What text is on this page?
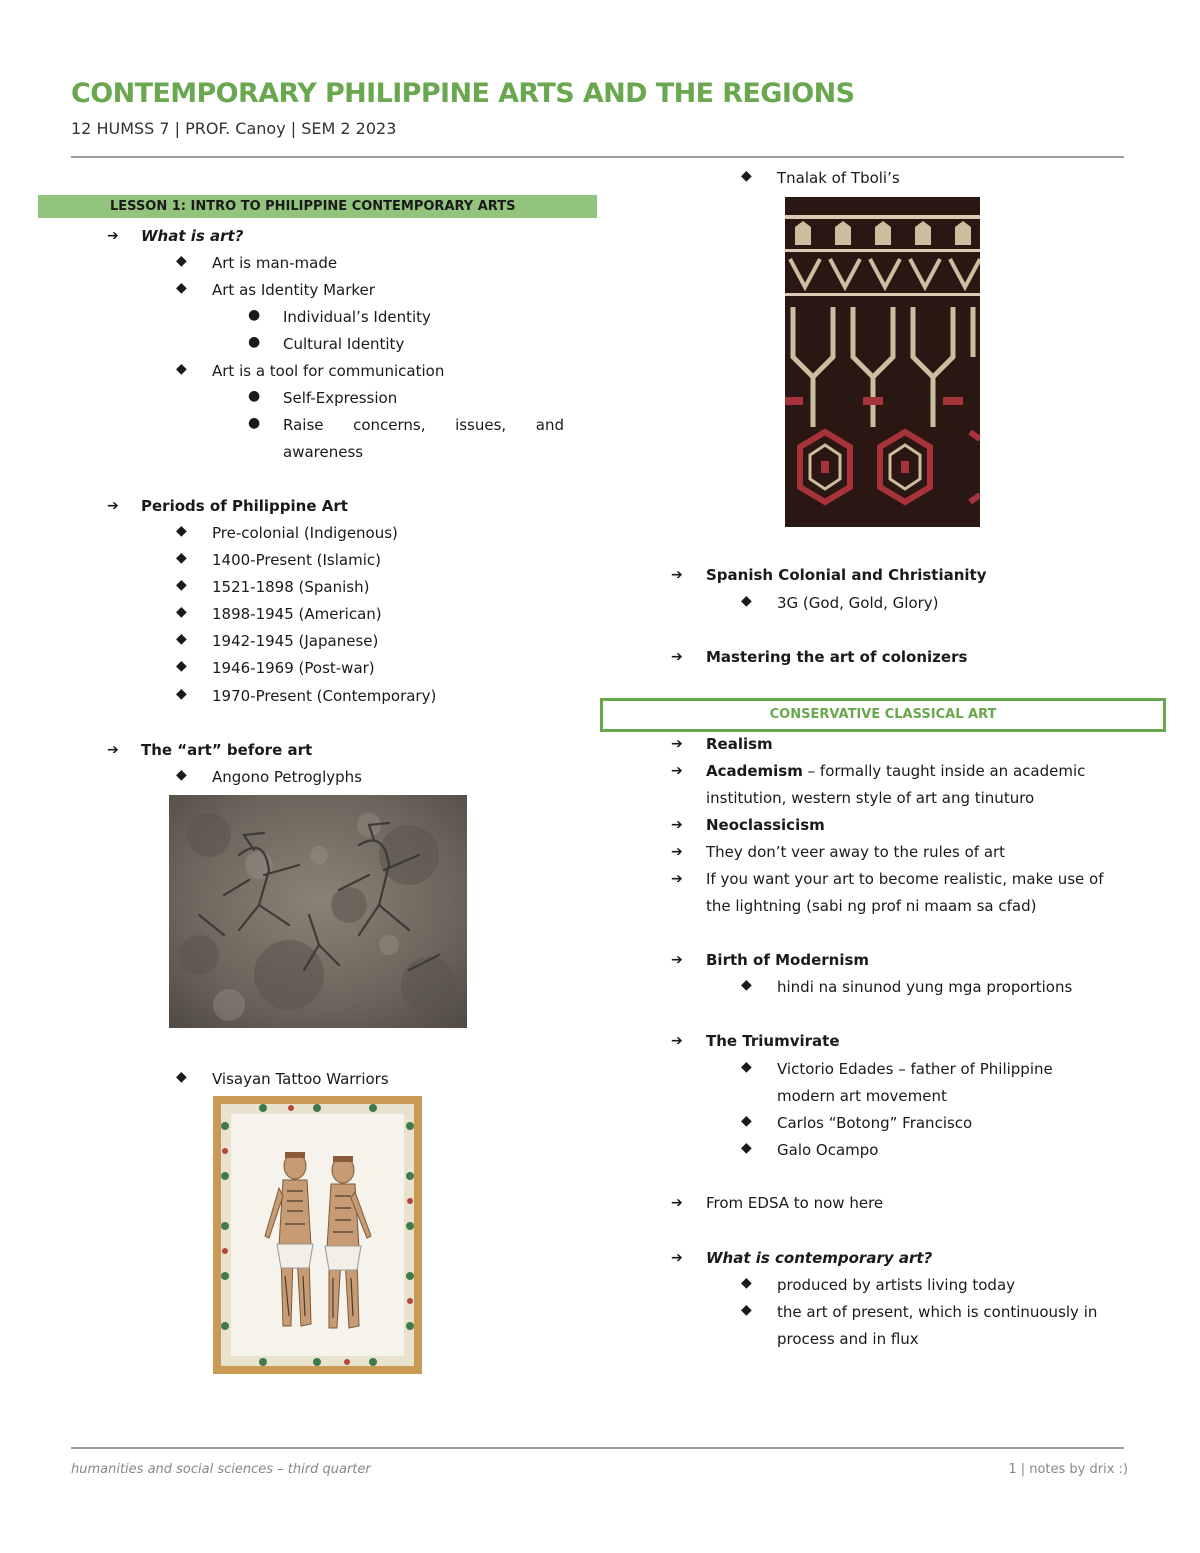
CONTEMPORARY PHILIPPINE ARTS AND THE REGIONS
12 HUMSS 7 | PROF. Canoy | SEM 2 2023
LESSON 1: INTRO TO PHILIPPINE CONTEMPORARY ARTS
➔
What is art?
◆ Art is man-made
◆ Art as Identity Marker
● Individual’s Identity
● Cultural Identity
◆ Art is a tool for communication
● Self-Expression
● Raise concerns, issues, and
awareness
➔
Periods of Philippine Art
◆ Pre-colonial (Indigenous)
◆ 1400-Present (Islamic)
◆ 1521-1898 (Spanish)
◆ 1898-1945 (American)
◆ 1942-1945 (Japanese)
◆ 1946-1969 (Post-war)
◆ 1970-Present (Contemporary)
➔
The “art” before art
◆ Angono Petroglyphs
◆ Visayan Tattoo Warriors
◆ Tnalak of Tboli’s
➔
Spanish Colonial and Christianity
◆ 3G (God, Gold, Glory)
➔
Mastering the art of colonizers
CONSERVATIVE CLASSICAL ART
➔
Realism
➔
Academism – formally taught inside an academic
institution, western style of art ang tinuturo
➔
Neoclassicism
➔
They don’t veer away to the rules of art
➔
If you want your art to become realistic, make use of
the lightning (sabi ng prof ni maam sa cfad)
➔
Birth of Modernism
◆ hindi na sinunod yung mga proportions
➔
The Triumvirate
◆ Victorio Edades – father of Philippine
modern art movement
◆ Carlos “Botong” Francisco
◆ Galo Ocampo
➔
From EDSA to now here
➔
What is contemporary art?
◆ produced by artists living today
◆ the art of present, which is continuously in
process and in flux
humanities and social sciences – third quarter	1 | notes by drix :)
